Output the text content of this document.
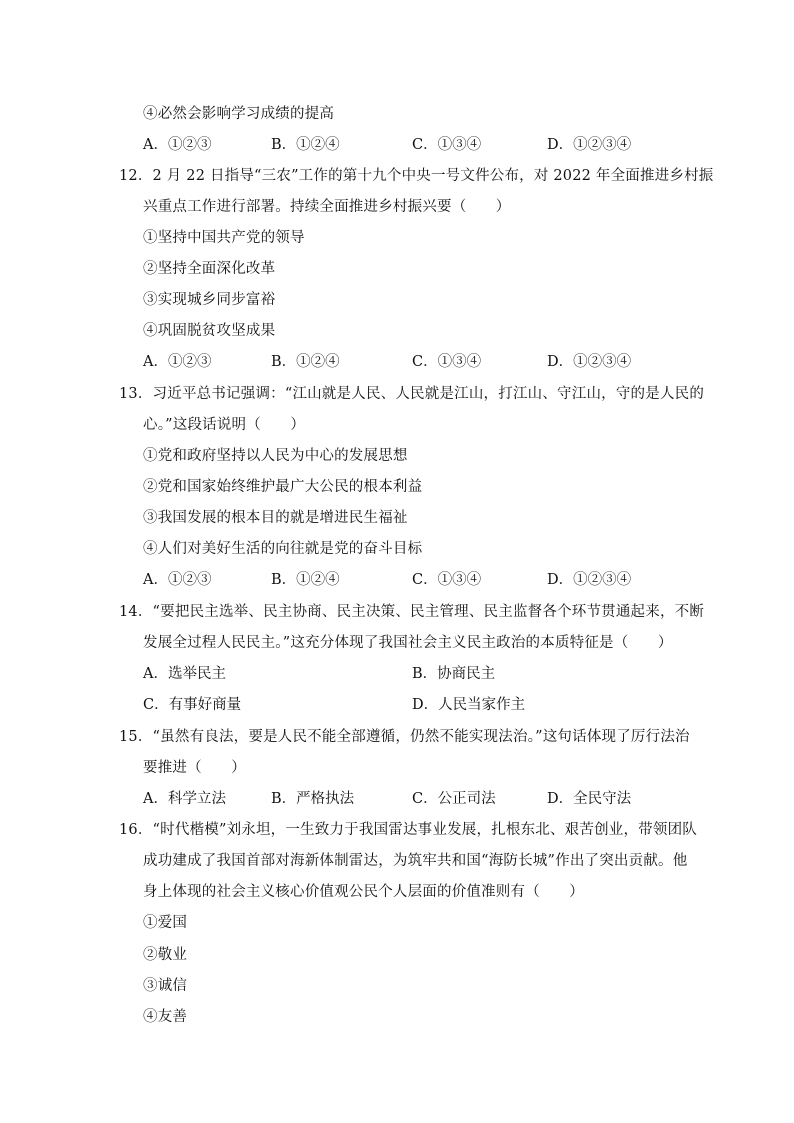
④必然会影响学习成绩的提高
A．①②③	B．①②④	C．①③④	D．①②③④
12．2 月 22 日指导“三农”工作的第十九个中央一号文件公布，对 2022 年全面推进乡村振
兴重点工作进行部署。持续全面推进乡村振兴要（　　）
①坚持中国共产党的领导
②坚持全面深化改革
③实现城乡同步富裕
④巩固脱贫攻坚成果
A．①②③	B．①②④	C．①③④	D．①②③④
13．习近平总书记强调：“江山就是人民、人民就是江山，打江山、守江山，守的是人民的
心。”这段话说明（　　）
①党和政府坚持以人民为中心的发展思想
②党和国家始终维护最广大公民的根本利益
③我国发展的根本目的就是增进民生福祉
④人们对美好生活的向往就是党的奋斗目标
A．①②③	B．①②④	C．①③④	D．①②③④
14．“要把民主选举、民主协商、民主决策、民主管理、民主监督各个环节贯通起来，不断
发展全过程人民民主。”这充分体现了我国社会主义民主政治的本质特征是（　　）
A．选举民主	B．协商民主
C．有事好商量	D．人民当家作主
15．“虽然有良法，要是人民不能全部遵循，仍然不能实现法治。”这句话体现了厉行法治
要推进（　　）
A．科学立法	B．严格执法	C．公正司法	D．全民守法
16．“时代楷模”刘永坦，一生致力于我国雷达事业发展，扎根东北、艰苦创业，带领团队
成功建成了我国首部对海新体制雷达，为筑牢共和国“海防长城”作出了突出贡献。他
身上体现的社会主义核心价值观公民个人层面的价值准则有（　　）
①爱国
②敬业
③诚信
④友善
